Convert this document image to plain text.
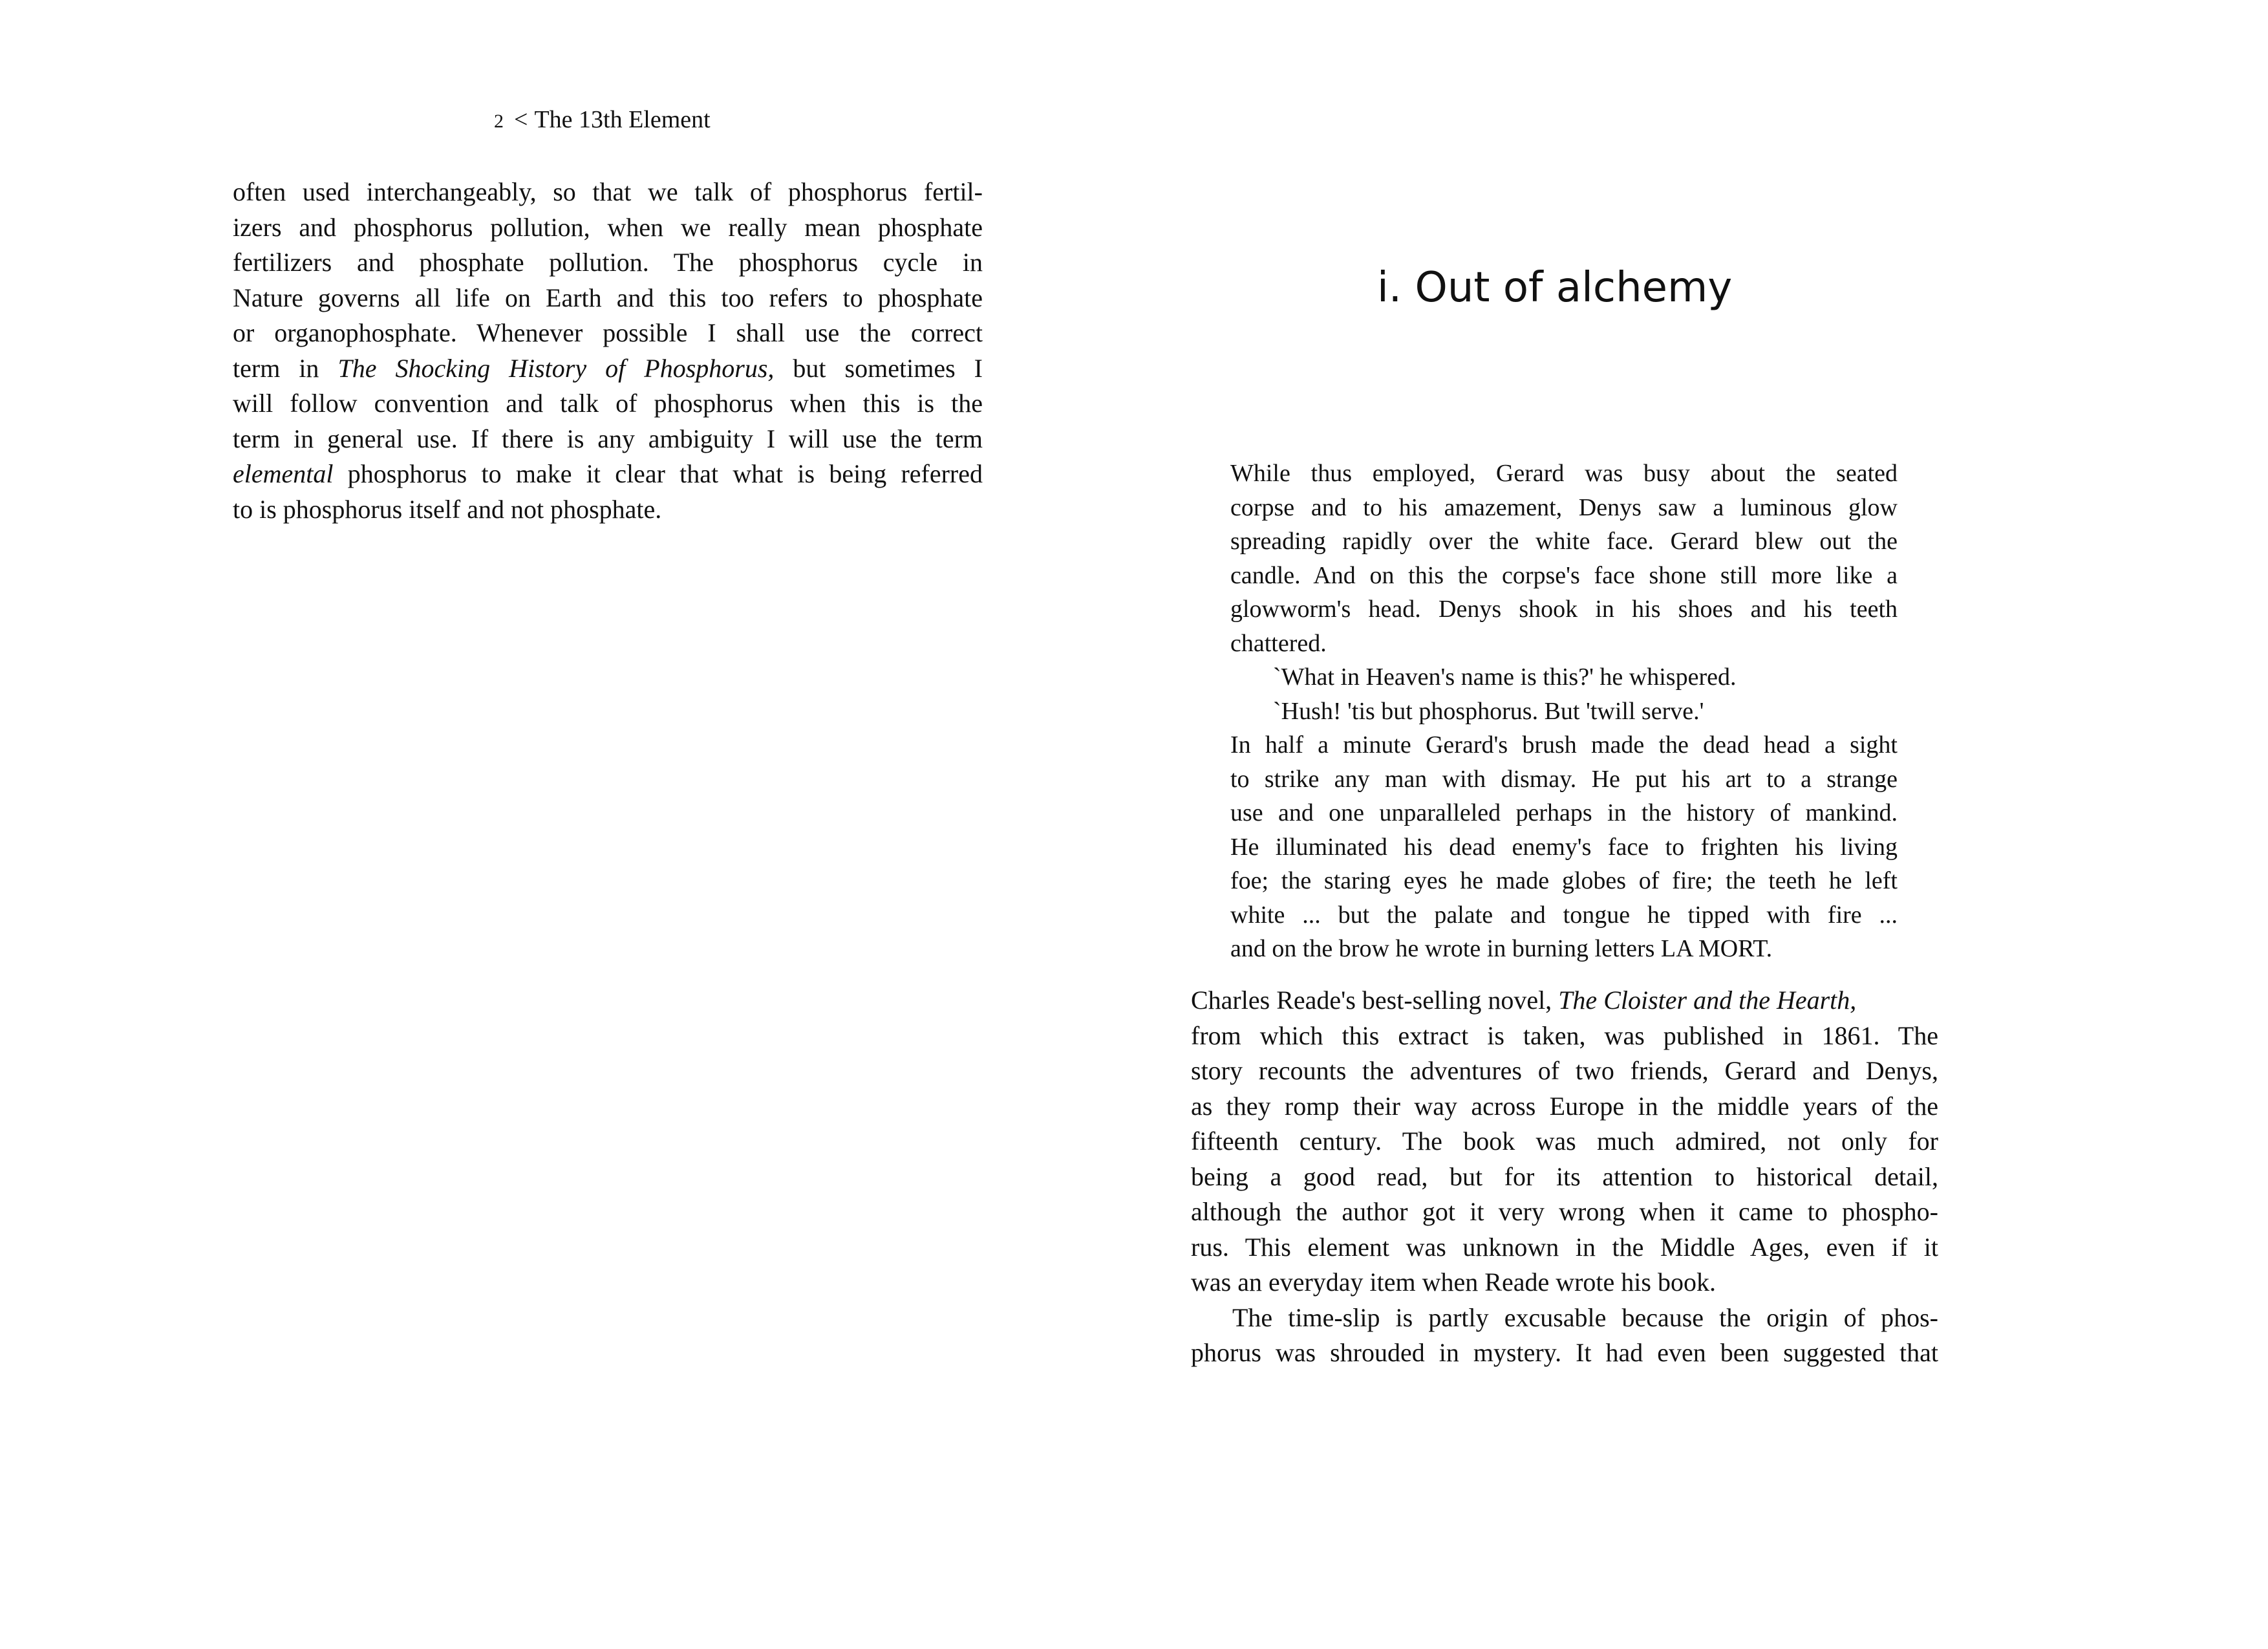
2 < The 13th Element
often used interchangeably, so that we talk of phosphorus fertil-
izers and phosphorus pollution, when we really mean phosphate
fertilizers and phosphate pollution. The phosphorus cycle in
Nature governs all life on Earth and this too refers to phosphate
or organophosphate. Whenever possible I shall use the correct
term in The Shocking History of Phosphorus, but sometimes I
will follow convention and talk of phosphorus when this is the
term in general use. If there is any ambiguity I will use the term
elemental phosphorus to make it clear that what is being referred
to is phosphorus itself and not phosphate.
i. Out of alchemy
While thus employed, Gerard was busy about the seated
corpse and to his amazement, Denys saw a luminous glow
spreading rapidly over the white face. Gerard blew out the
candle. And on this the corpse's face shone still more like a
glowworm's head. Denys shook in his shoes and his teeth
chattered.
`What in Heaven's name is this?' he whispered.
`Hush! 'tis but phosphorus. But 'twill serve.'
In half a minute Gerard's brush made the dead head a sight
to strike any man with dismay. He put his art to a strange
use and one unparalleled perhaps in the history of mankind.
He illuminated his dead enemy's face to frighten his living
foe; the staring eyes he made globes of fire; the teeth he left
white ... but the palate and tongue he tipped with fire ...
and on the brow he wrote in burning letters LA MORT.
Charles Reade's best-selling novel, The Cloister and the Hearth,
from which this extract is taken, was published in 1861. The
story recounts the adventures of two friends, Gerard and Denys,
as they romp their way across Europe in the middle years of the
fifteenth century. The book was much admired, not only for
being a good read, but for its attention to historical detail,
although the author got it very wrong when it came to phospho-
rus. This element was unknown in the Middle Ages, even if it
was an everyday item when Reade wrote his book.
The time-slip is partly excusable because the origin of phos-
phorus was shrouded in mystery. It had even been suggested that
